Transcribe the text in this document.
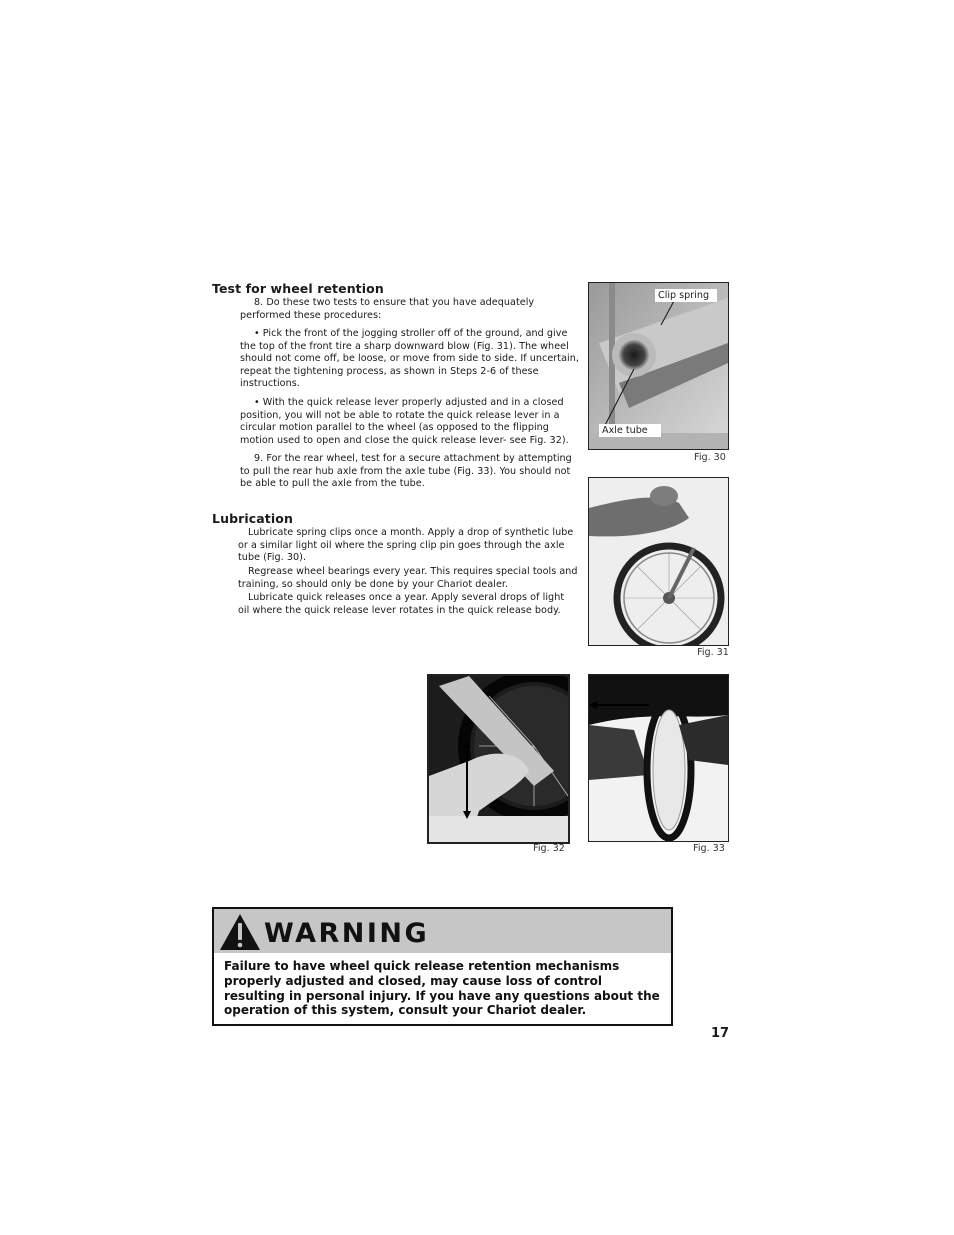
Test for wheel retention

8. Do these two tests to ensure that you have adequately performed these procedures:

• Pick the front of the jogging stroller off of the ground, and give the top of the front tire a sharp downward blow (Fig. 31). The wheel should not come off, be loose, or move from side to side. If uncertain, repeat the tightening process, as shown in Steps 2-6 of these instructions.

• With the quick release lever properly adjusted and in a closed position, you will not be able to rotate the quick release lever in a circular motion parallel to the wheel (as opposed to the flipping motion used to open and close the quick release lever- see Fig. 32).

9. For the rear wheel, test for a secure attachment by attempting to pull the rear hub axle from the axle tube (Fig. 33). You should not be able to pull the axle from the tube.

Lubrication

Lubricate spring clips once a month. Apply a drop of synthetic lube or a similar light oil where the spring clip pin goes through the axle tube (Fig. 30).

Regrease wheel bearings every year. This requires special tools and training, so should only be done by your Chariot dealer.

Lubricate quick releases once a year. Apply several drops of light oil where the quick release lever rotates in the quick release body.

Clip spring
Axle tube
Fig. 30
Fig. 31
Fig. 32	Fig. 33
WARNING
Failure to have wheel quick release retention mechanisms properly adjusted and closed, may cause loss of control resulting in personal injury. If you have any questions about the operation of this system, consult your Chariot dealer.
17
